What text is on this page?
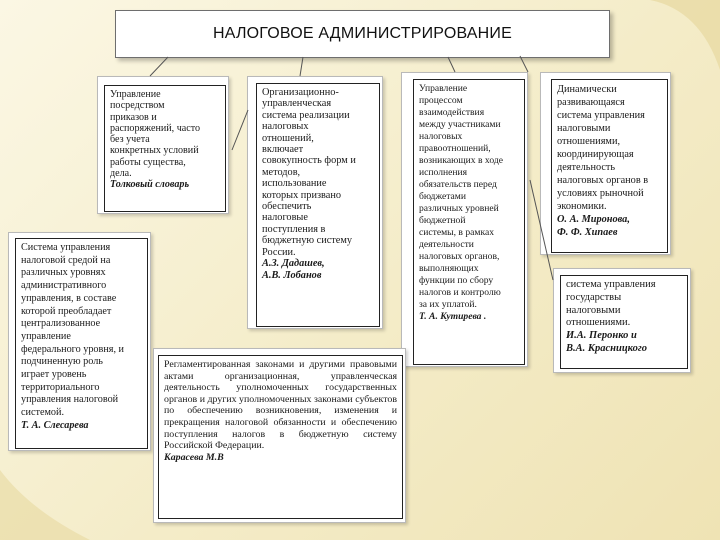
НАЛОГОВОЕ АДМИНИСТРИРОВАНИЕ
Управление
посредством
приказов и
распоряжений, часто
без учета
конкретных условий
работы существа,
дела.
Толковый словарь
Организационно-
управленческая
система реализации
налоговых
отношений,
включает
совокупность форм и
методов,
использование
которых призвано
обеспечить
налоговые
поступления в
бюджетную систему
России.
А.З. Дадашев,
А.В. Лобанов
Управление
процессом
взаимодействия
между участниками
налоговых
правоотношений,
возникающих в ходе
исполнения
обязательств перед
бюджетами
различных уровней
бюджетной
системы, в рамках
деятельности
налоговых органов,
выполняющих
функции по сбору
налогов и контролю
за их уплатой.
Т. А. Кутирева .
Динамически
развивающаяся
система управления
налоговыми
отношениями,
координирующая
деятельность
налоговых органов в
условиях рыночной
экономики.
О. А. Миронова,
Ф. Ф. Хипаев
Система управления
налоговой средой на
различных уровнях
административного
управления, в составе
которой преобладает
централизованное
управление
федерального уровня, и
подчиненную роль
играет уровень
территориального
управления налоговой
системой.
Т. А. Слесарева
система управления
государствы
налоговыми
отношениями.
И.А. Перонко и
В.А. Красницкого
Регламентированная законами и другими правовыми актами организационная, управленческая деятельность уполномоченных государственных органов и других уполномоченных законами субъектов по обеспечению возникновения, изменения и прекращения налоговой обязанности и обеспечению поступления налогов в бюджетную систему Российской Федерации.
Карасева М.В
